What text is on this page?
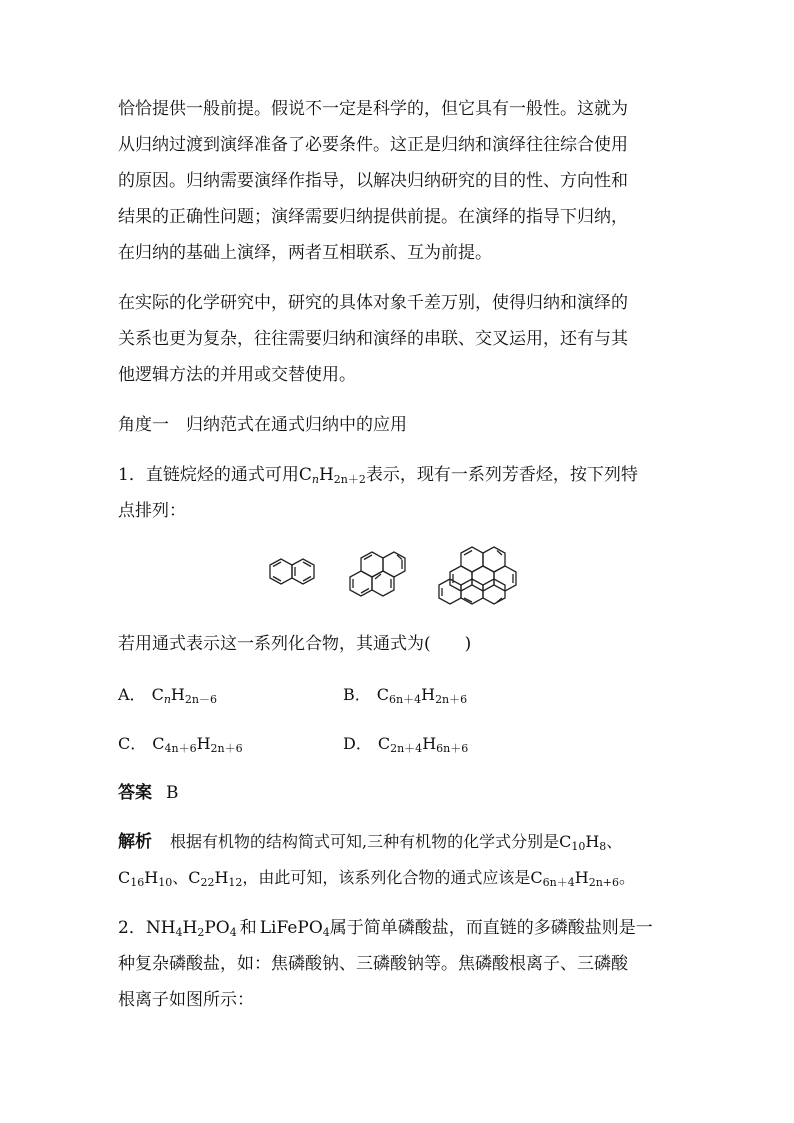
恰恰提供一般前提。假说不一定是科学的，但它具有一般性。这就为
从归纳过渡到演绎准备了必要条件。这正是归纳和演绎往往综合使用
的原因。归纳需要演绎作指导，以解决归纳研究的目的性、方向性和
结果的正确性问题；演绎需要归纳提供前提。在演绎的指导下归纳，
在归纳的基础上演绎，两者互相联系、互为前提。
在实际的化学研究中，研究的具体对象千差万别，使得归纳和演绎的
关系也更为复杂，往往需要归纳和演绎的串联、交叉运用，还有与其
他逻辑方法的并用或交替使用。
角度一　归纳范式在通式归纳中的应用
1．直链烷烃的通式可用$C_nH_{2n+2}$表示，现有一系列芳香烃，按下列特
点排列：
若用通式表示这一系列化合物，其通式为(　　)
A． $C_nH_{2n-6}$	B． $C_{6n+4}H_{2n+6}$
C． $C_{4n+6}H_{2n+6}$	D． $C_{2n+4}H_{6n+6}$
答案 B
解析 根据有机物的结构简式可知,三种有机物的化学式分别是$C_{10}H_8$、
$C_{16}H_{10}$、$C_{22}H_{12}$，由此可知，该系列化合物的通式应该是$C_{6n+4}H_{2n+6}$。
2．$NH_4H_2PO_4$ 和 LiFePO$_4$属于简单磷酸盐，而直链的多磷酸盐则是一
种复杂磷酸盐，如：焦磷酸钠、三磷酸钠等。焦磷酸根离子、三磷酸
根离子如图所示：
